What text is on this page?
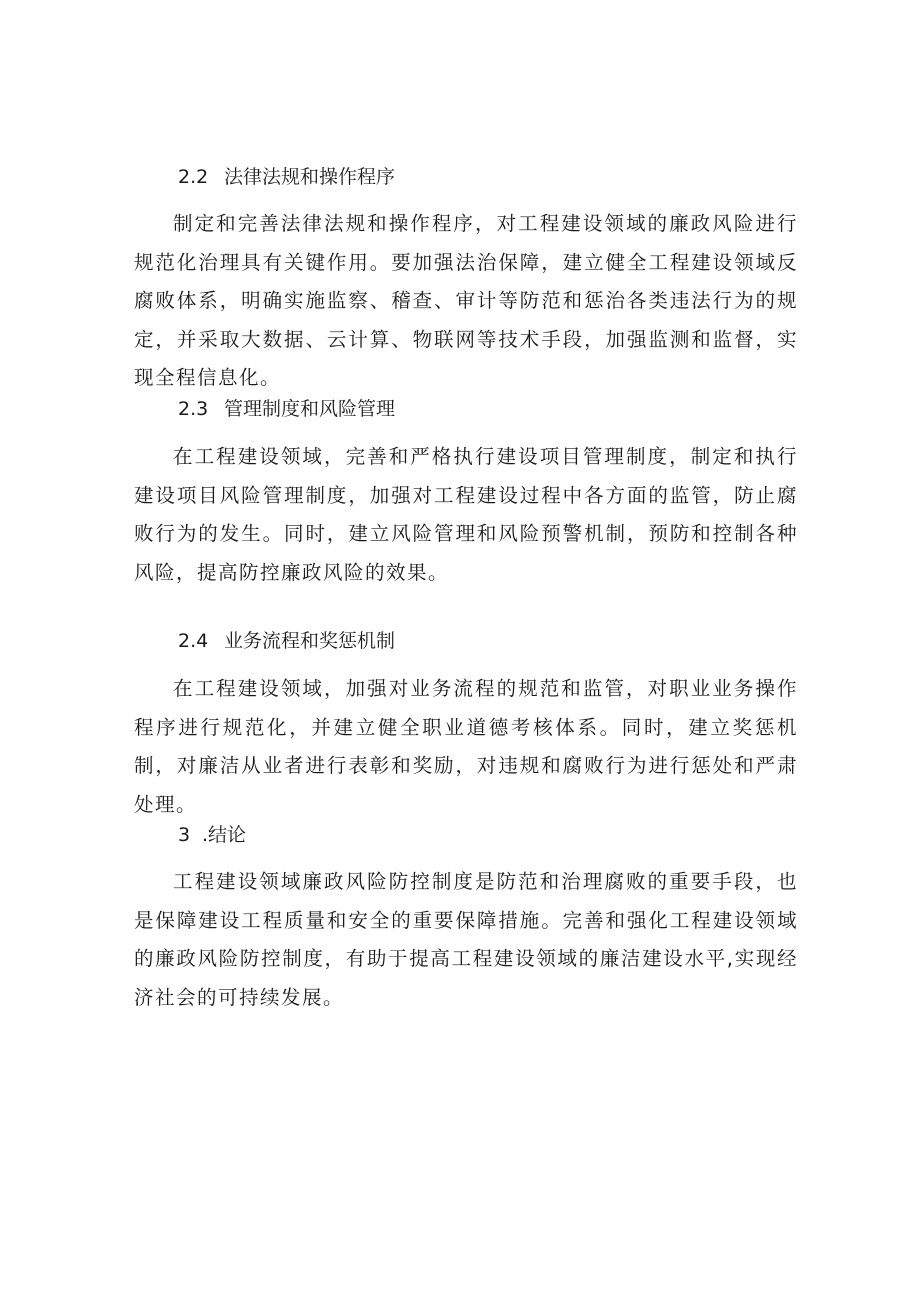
2.2 法律法规和操作程序

制定和完善法律法规和操作程序，对工程建设领域的廉政风险进行规范化治理具有关键作用。要加强法治保障，建立健全工程建设领域反腐败体系，明确实施监察、稽查、审计等防范和惩治各类违法行为的规定，并采取大数据、云计算、物联网等技术手段，加强监测和监督，实现全程信息化。

2.3 管理制度和风险管理

在工程建设领域，完善和严格执行建设项目管理制度，制定和执行建设项目风险管理制度，加强对工程建设过程中各方面的监管，防止腐败行为的发生。同时，建立风险管理和风险预警机制，预防和控制各种风险，提高防控廉政风险的效果。

2.4 业务流程和奖惩机制

在工程建设领域，加强对业务流程的规范和监管，对职业业务操作程序进行规范化，并建立健全职业道德考核体系。同时，建立奖惩机制，对廉洁从业者进行表彰和奖励，对违规和腐败行为进行惩处和严肃处理。

3 .结论

工程建设领域廉政风险防控制度是防范和治理腐败的重要手段，也是保障建设工程质量和安全的重要保障措施。完善和强化工程建设领域的廉政风险防控制度，有助于提高工程建设领域的廉洁建设水平,实现经济社会的可持续发展。
